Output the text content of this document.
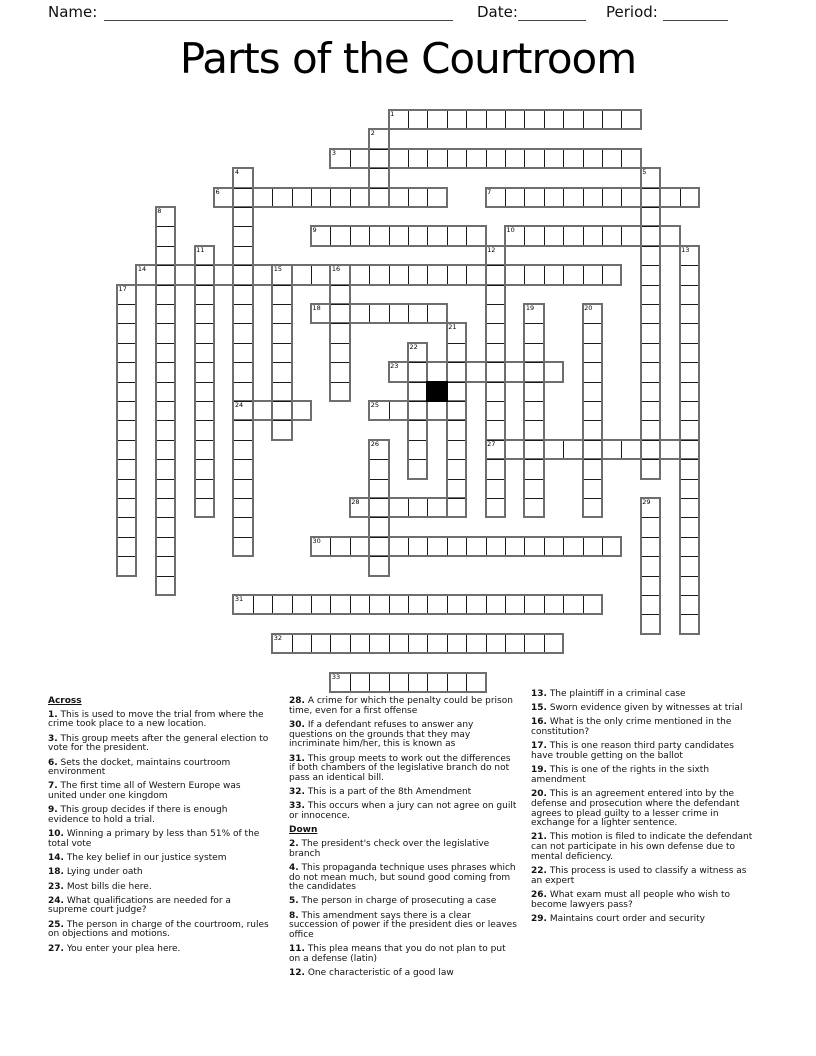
Name:	Date:	Period:
Parts of the Courtroom
1
3
6	7
9	10
14
18
23
24	25
27
28
30
31
32
33
2
4	5
8
11	12	13
15	16
17
19	20
21
22
26
29

Across

1. This is used to move the trial from where the crime took place to a new location.

3. This group meets after the general election to vote for the president.

6. Sets the docket, maintains courtroom environment

7. The first time all of Western Europe was united under one kingdom

9. This group decides if there is enough evidence to hold a trial.

10. Winning a primary by less than 51% of the total vote

14. The key belief in our justice system

18. Lying under oath

23. Most bills die here.

24. What qualifications are needed for a supreme court judge?

25. The person in charge of the courtroom, rules on objections and motions.

27. You enter your plea here.

28. A crime for which the penalty could be prison time, even for a first offense

30. If a defendant refuses to answer any questions on the grounds that they may incriminate him/her, this is known as

31. This group meets to work out the differences if both chambers of the legislative branch do not pass an identical bill.

32. This is a part of the 8th Amendment

33. This occurs when a jury can not agree on guilt or innocence.

Down

2. The president's check over the legislative branch

4. This propaganda technique uses phrases which do not mean much, but sound good coming from the candidates

5. The person in charge of prosecuting a case

8. This amendment says there is a clear succession of power if the president dies or leaves office

11. This plea means that you do not plan to put on a defense (latin)

12. One characteristic of a good law

13. The plaintiff in a criminal case

15. Sworn evidence given by witnesses at trial

16. What is the only crime mentioned in the constitution?

17. This is one reason third party candidates have trouble getting on the ballot

19. This is one of the rights in the sixth amendment

20. This is an agreement entered into by the defense and prosecution where the defendant agrees to plead guilty to a lesser crime in exchange for a lighter sentence.

21. This motion is filed to indicate the defendant can not participate in his own defense due to mental deficiency.

22. This process is used to classify a witness as an expert

26. What exam must all people who wish to become lawyers pass?

29. Maintains court order and security
